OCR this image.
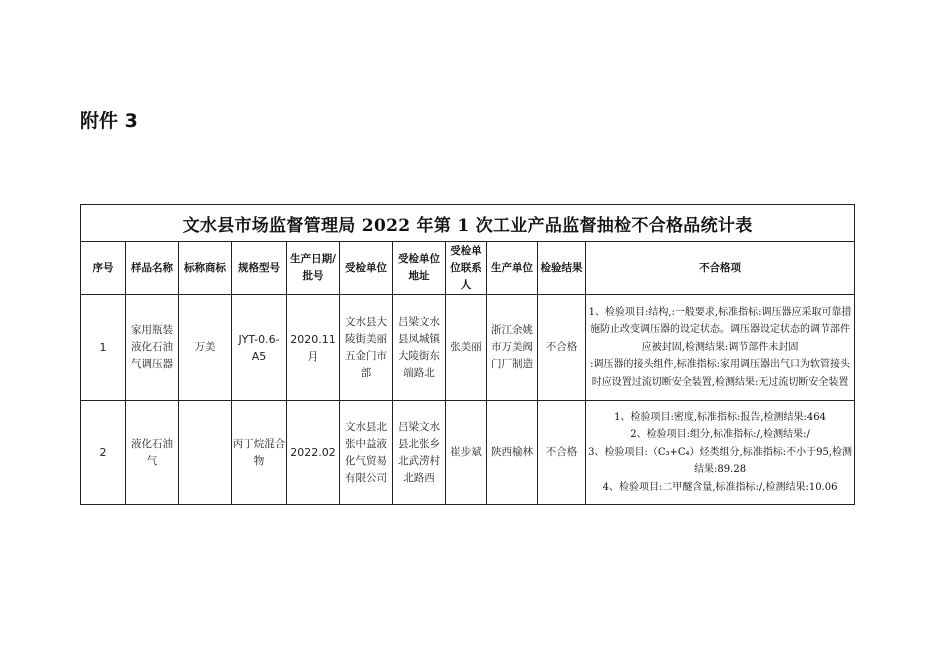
附件 3
文水县市场监督管理局 2022 年第 1 次工业产品监督抽检不合格品统计表										
序号	样品名称	标称商标	规格型号	生产日期/批号	受检单位	受检单位地址	受检单位联系人	生产单位	检验结果	不合格项
1	家用瓶装液化石油气调压器	万美	JYT-0.6-A5	2020.11月	文水县大陵街美丽五金门市部	吕梁文水县凤城镇大陵街东端路北	张美丽	浙江余姚市万美阀门厂制造	不合格	1、检验项目:结构,:一般要求,标准指标:调压器应采取可靠措施防止改变调压器的设定状态。调压器设定状态的调节部件应被封固,检测结果:调节部件未封固
:调压器的接头组件,标准指标:家用调压器出气口为软管接头时应设置过流切断安全装置,检测结果:无过流切断安全装置

2	液化石油气		丙丁烷混合物	2022.02	文水县北张中益液化气贸易有限公司	吕梁文水县北张乡北武涝村北路西	崔步斌	陕西榆林	不合格	1、检验项目:密度,标准指标:报告,检测结果:464
2、检验项目:组分,标准指标:/,检测结果:/
3、检验项目:（C₃+C₄）烃类组分,标准指标:不小于95,检测结果:89.28
4、检验项目:二甲醚含量,标准指标:/,检测结果:10.06
